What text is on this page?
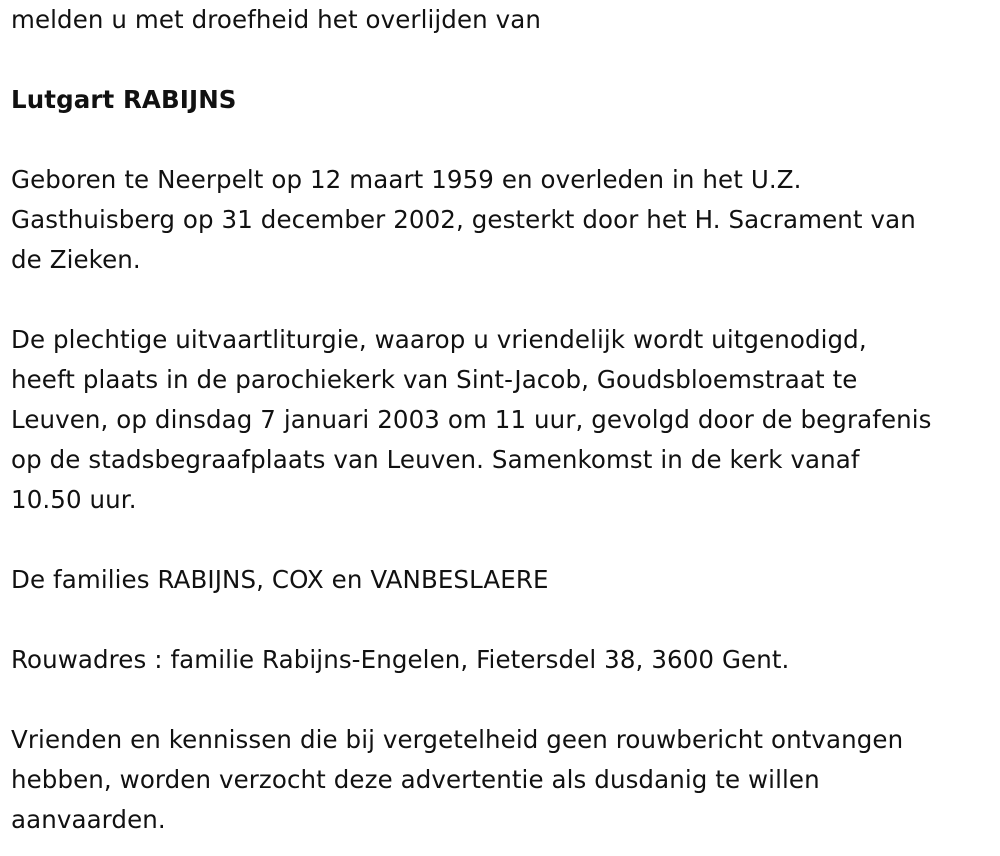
melden u met droefheid het overlijden van

Lutgart RABIJNS

Geboren te Neerpelt op 12 maart 1959 en overleden in het U.Z.

Gasthuisberg op 31 december 2002, gesterkt door het H. Sacrament van

de Zieken.

De plechtige uitvaartliturgie, waarop u vriendelijk wordt uitgenodigd,

heeft plaats in de parochiekerk van Sint-Jacob, Goudsbloemstraat te

Leuven, op dinsdag 7 januari 2003 om 11 uur, gevolgd door de begrafenis

op de stadsbegraafplaats van Leuven. Samenkomst in de kerk vanaf

10.50 uur.

De families RABIJNS, COX en VANBESLAERE

Rouwadres : familie Rabijns-Engelen, Fietersdel 38, 3600 Gent.

Vrienden en kennissen die bij vergetelheid geen rouwbericht ontvangen

hebben, worden verzocht deze advertentie als dusdanig te willen

aanvaarden.
